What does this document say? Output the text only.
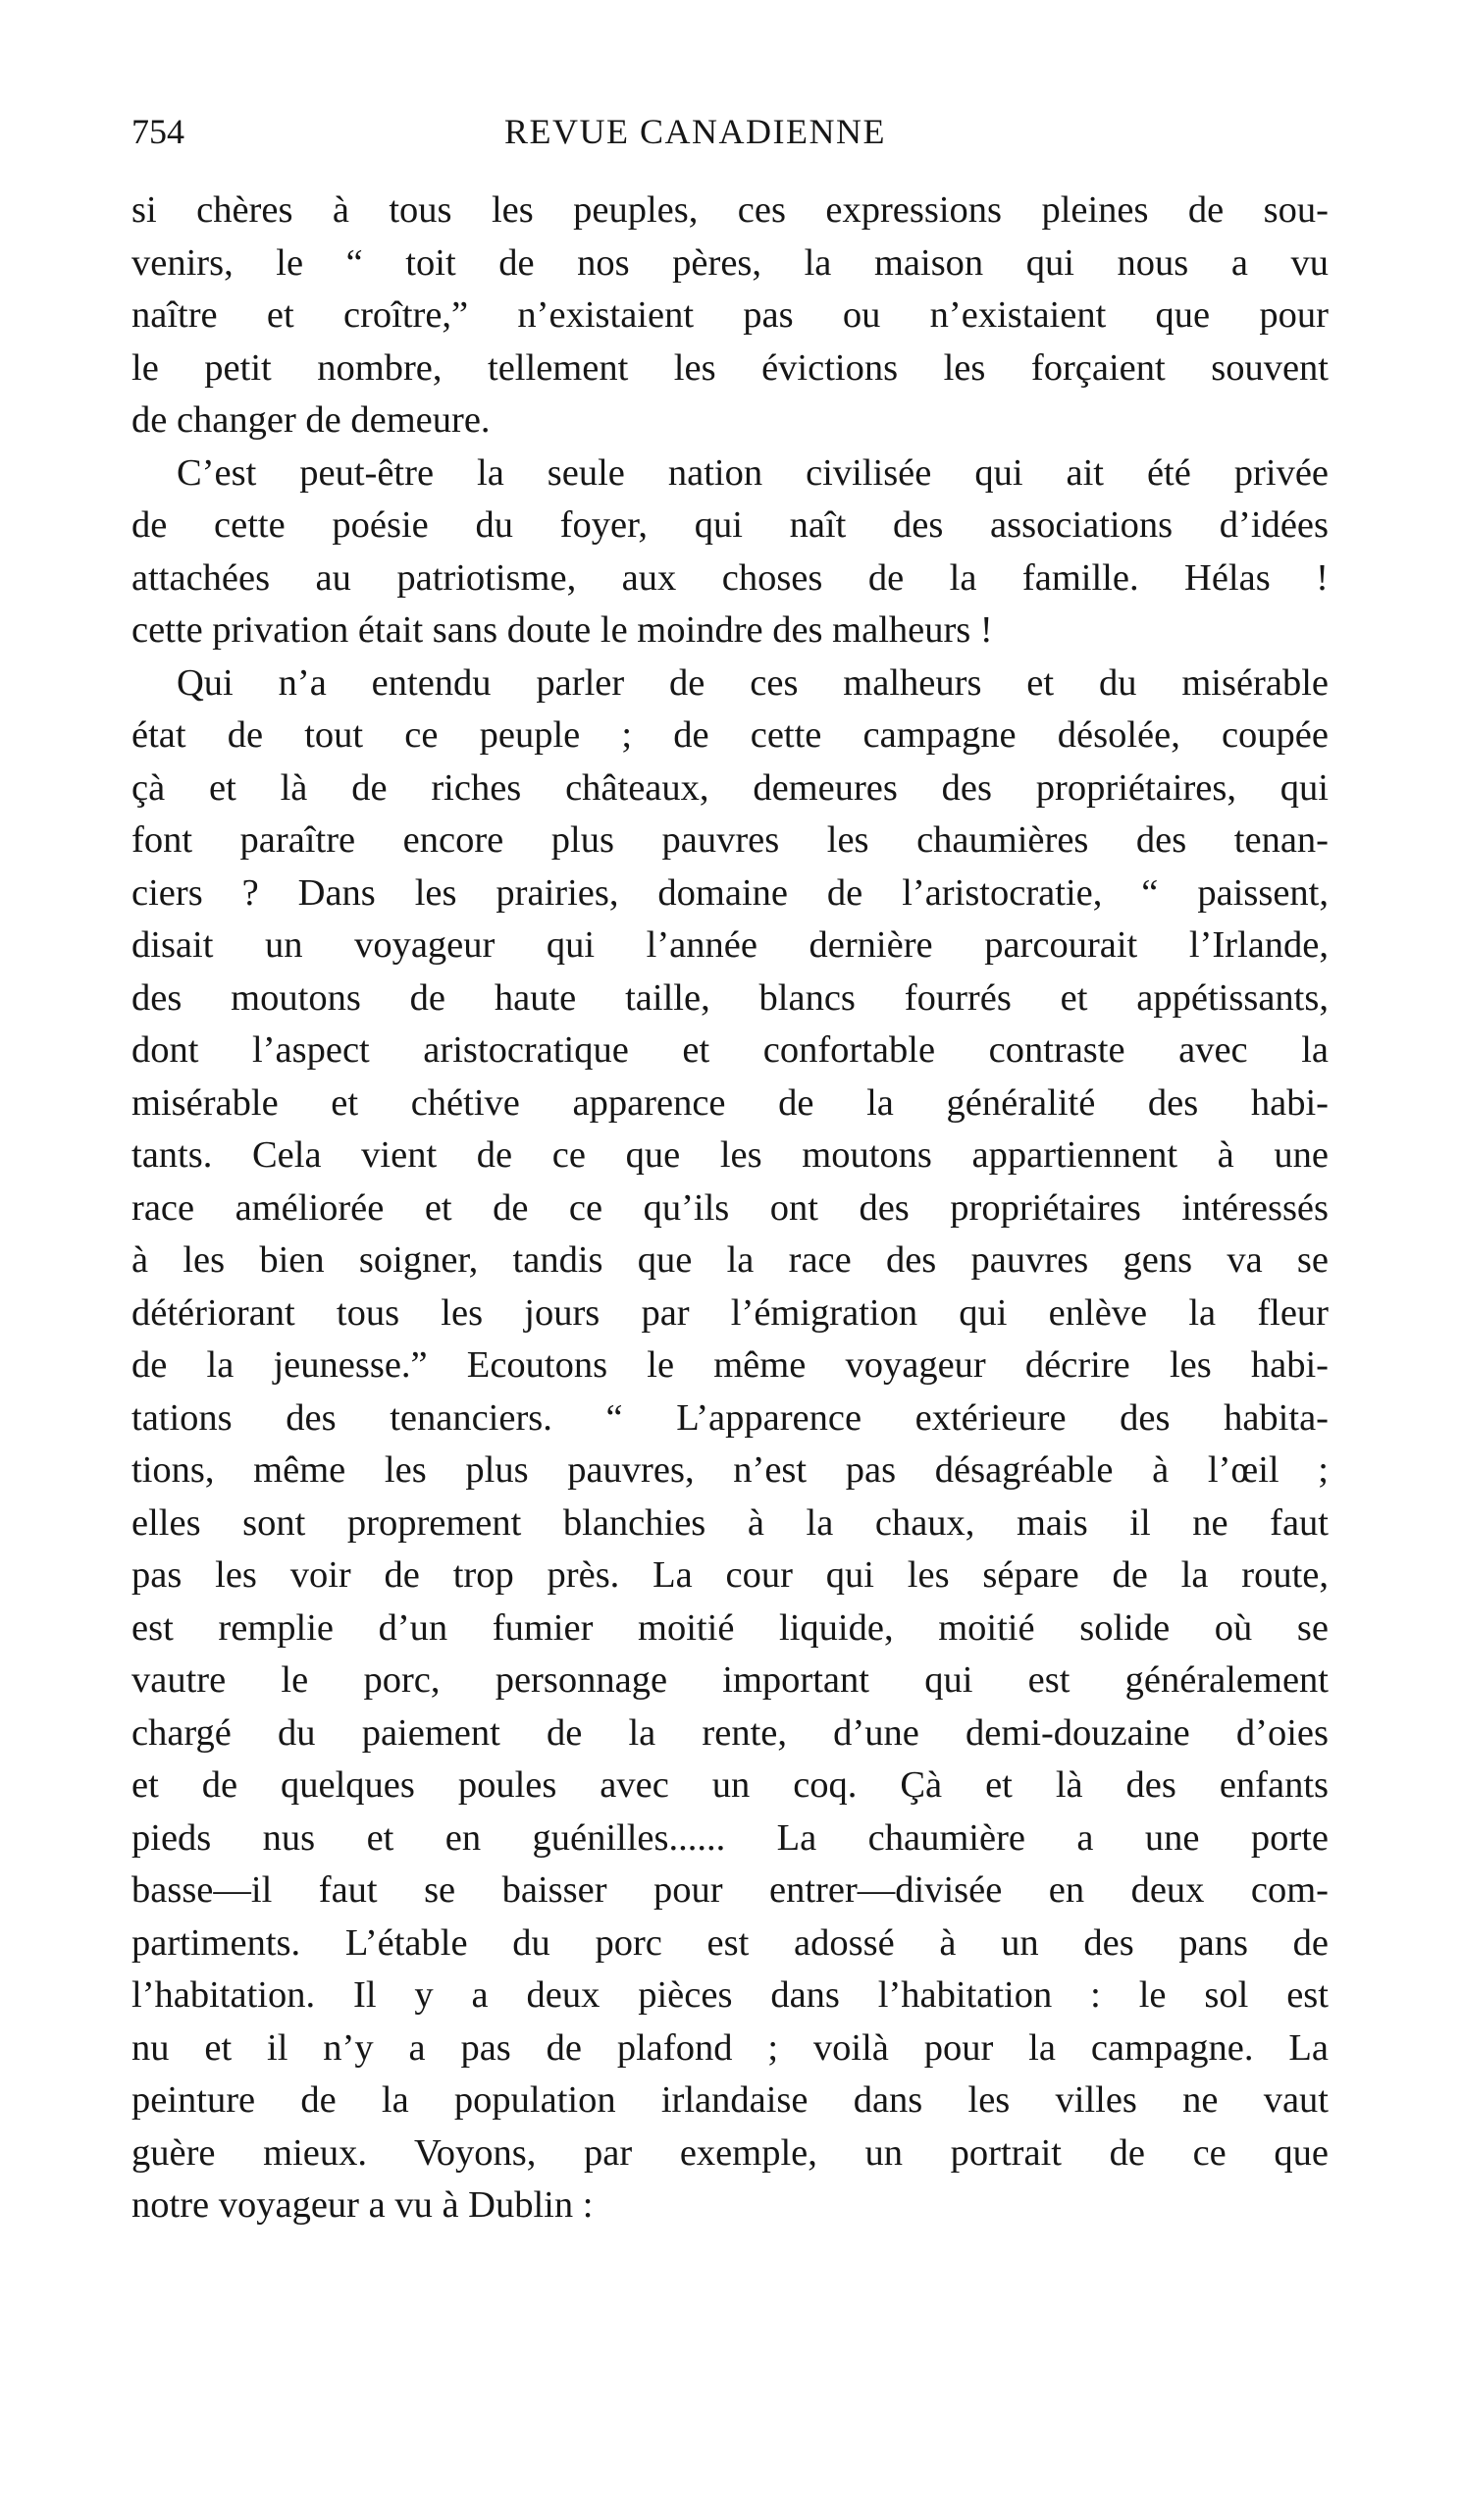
754	REVUE CANADIENNE
si chères à tous les peuples, ces expressions pleines de sou-
venirs, le “ toit de nos pères, la maison qui nous a vu
naître et croître,” n’existaient pas ou n’existaient que pour
le petit nombre, tellement les évictions les forçaient souvent
de changer de demeure.
C’est peut-être la seule nation civilisée qui ait été privée
de cette poésie du foyer, qui naît des associations d’idées
attachées au patriotisme, aux choses de la famille. Hélas !
cette privation était sans doute le moindre des malheurs !
Qui n’a entendu parler de ces malheurs et du misérable
état de tout ce peuple ; de cette campagne désolée, coupée
çà et là de riches châteaux, demeures des propriétaires, qui
font paraître encore plus pauvres les chaumières des tenan-
ciers ? Dans les prairies, domaine de l’aristocratie, “ paissent,
disait un voyageur qui l’année dernière parcourait l’Irlande,
des moutons de haute taille, blancs fourrés et appétissants,
dont l’aspect aristocratique et confortable contraste avec la
misérable et chétive apparence de la généralité des habi-
tants. Cela vient de ce que les moutons appartiennent à une
race améliorée et de ce qu’ils ont des propriétaires intéressés
à les bien soigner, tandis que la race des pauvres gens va se
détériorant tous les jours par l’émigration qui enlève la fleur
de la jeunesse.” Ecoutons le même voyageur décrire les habi-
tations des tenanciers. “ L’apparence extérieure des habita-
tions, même les plus pauvres, n’est pas désagréable à l’œil ;
elles sont proprement blanchies à la chaux, mais il ne faut
pas les voir de trop près. La cour qui les sépare de la route,
est remplie d’un fumier moitié liquide, moitié solide où se
vautre le porc, personnage important qui est généralement
chargé du paiement de la rente, d’une demi-douzaine d’oies
et de quelques poules avec un coq. Çà et là des enfants
pieds nus et en guénilles...... La chaumière a une porte
basse—il faut se baisser pour entrer—divisée en deux com-
partiments. L’étable du porc est adossé à un des pans de
l’habitation. Il y a deux pièces dans l’habitation : le sol est
nu et il n’y a pas de plafond ; voilà pour la campagne. La
peinture de la population irlandaise dans les villes ne vaut
guère mieux. Voyons, par exemple, un portrait de ce que
notre voyageur a vu à Dublin :
